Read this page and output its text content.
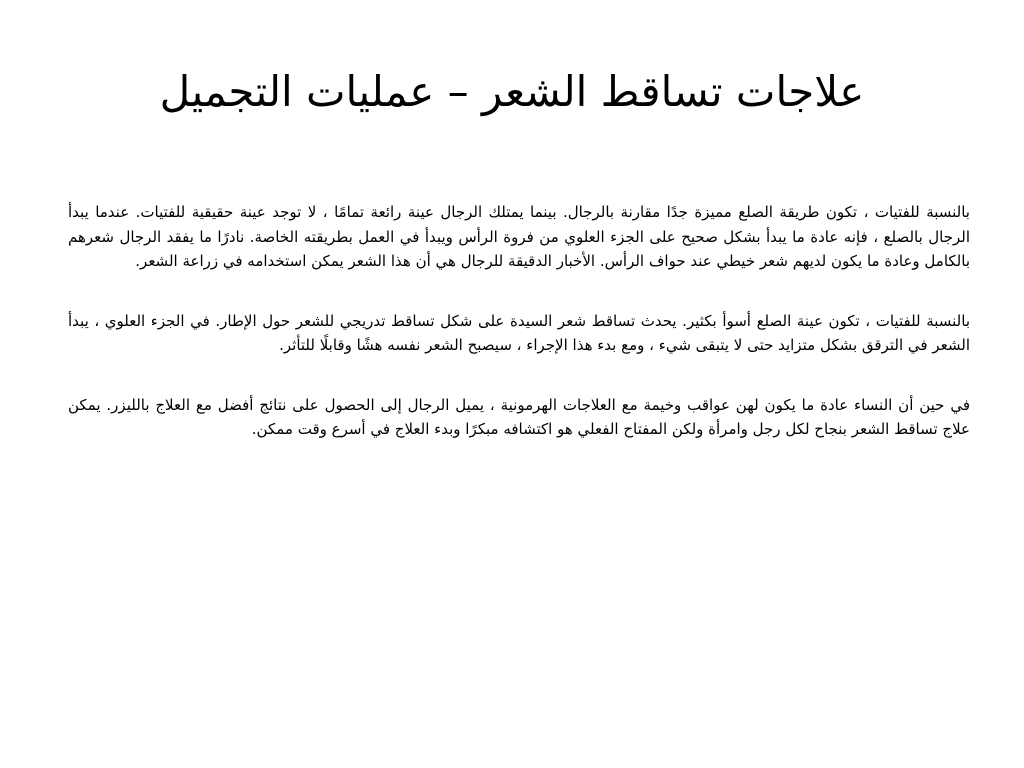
علاجات تساقط الشعر – عمليات التجميل

بالنسبة للفتيات ، تكون طريقة الصلع مميزة جدًا مقارنة بالرجال. بينما يمتلك الرجال عينة رائعة تمامًا ، لا توجد عينة حقيقية للفتيات. عندما يبدأ الرجال بالصلع ، فإنه عادة ما يبدأ بشكل صحيح على الجزء العلوي من فروة الرأس ويبدأ في العمل بطريقته الخاصة. نادرًا ما يفقد الرجال شعرهم بالكامل وعادة ما يكون لديهم شعر خيطي عند حواف الرأس. الأخبار الدقيقة للرجال هي أن هذا الشعر يمكن استخدامه في زراعة الشعر.

بالنسبة للفتيات ، تكون عينة الصلع أسوأ بكثير. يحدث تساقط شعر السيدة على شكل تساقط تدريجي للشعر حول الإطار. في الجزء العلوي ، يبدأ الشعر في الترقق بشكل متزايد حتى لا يتبقى شيء ، ومع بدء هذا الإجراء ، سيصبح الشعر نفسه هشًا وقابلًا للتأثر.

في حين أن النساء عادة ما يكون لهن عواقب وخيمة مع العلاجات الهرمونية ، يميل الرجال إلى الحصول على نتائج أفضل مع العلاج بالليزر. يمكن علاج تساقط الشعر بنجاح لكل رجل وامرأة ولكن المفتاح الفعلي هو اكتشافه مبكرًا وبدء العلاج في أسرع وقت ممكن.
